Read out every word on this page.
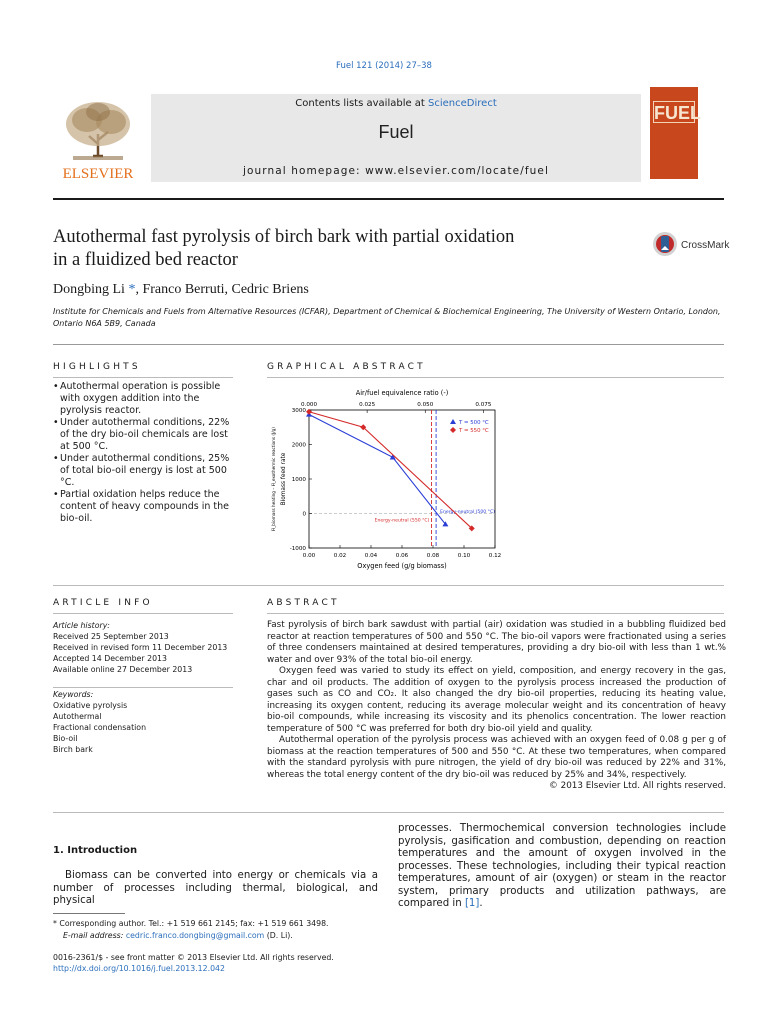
Fuel 121 (2014) 27–38
ELSEVIER
Contents lists available at ScienceDirect
Fuel
journal homepage: www.elsevier.com/locate/fuel
FUEL
Autothermal fast pyrolysis of birch bark with partial oxidation
in a fluidized bed reactor
CrossMark
Dongbing Li *, Franco Berruti, Cedric Briens
Institute for Chemicals and Fuels from Alternative Resources (ICFAR), Department of Chemical & Biochemical Engineering, The University of Western Ontario, London, Ontario N6A 5B9, Canada
HIGHLIGHTS
• Autothermal operation is possible with oxygen addition into the pyrolysis reactor.
• Under autothermal conditions, 22% of the dry bio-oil chemicals are lost at 500 °C.
• Under autothermal conditions, 25% of total bio-oil energy is lost at 500 °C.
• Partial oxidation helps reduce the content of heavy compounds in the bio-oil.
GRAPHICAL ABSTRACT
Energy-neutral (500 °C)
Energy-neutral (550 °C)
0.00	0.02	0.04	0.06	0.08	0.10	0.12
0.000	0.025	0.050	0.075
-1000
0
1000
2000
3000
Oxygen feed (g/g biomass)
Air/fuel equivalence ratio (-)
Biomass feed rate
Ḣ_biomass heating – Ḣ_exothermic reactions (J/g)
T = 500 °C
T = 550 °C
ARTICLE INFO
Article history:
Received 25 September 2013
Received in revised form 11 December 2013
Accepted 14 December 2013
Available online 27 December 2013
Keywords:
Oxidative pyrolysis
Autothermal
Fractional condensation
Bio-oil
Birch bark
ABSTRACT

Fast pyrolysis of birch bark sawdust with partial (air) oxidation was studied in a bubbling fluidized bed reactor at reaction temperatures of 500 and 550 °C. The bio-oil vapors were fractionated using a series of three condensers maintained at desired temperatures, providing a dry bio-oil with less than 1 wt.% water and over 93% of the total bio-oil energy.

Oxygen feed was varied to study its effect on yield, composition, and energy recovery in the gas, char and oil products. The addition of oxygen to the pyrolysis process increased the production of gases such as CO and CO₂. It also changed the dry bio-oil properties, reducing its heating value, increasing its oxygen content, reducing its average molecular weight and its concentration of heavy bio-oil compounds, while increasing its viscosity and its phenolics concentration. The lower reaction temperature of 500 °C was preferred for both dry bio-oil yield and quality.

Autothermal operation of the pyrolysis process was achieved with an oxygen feed of 0.08 g per g of biomass at the reaction temperatures of 500 and 550 °C. At these two temperatures, when compared with the standard pyrolysis with pure nitrogen, the yield of dry bio-oil was reduced by 22% and 31%, whereas the total energy content of the dry bio-oil was reduced by 25% and 34%, respectively.

© 2013 Elsevier Ltd. All rights reserved.
1. Introduction
Biomass can be converted into energy or chemicals via a number of processes including thermal, biological, and physical
processes. Thermochemical conversion technologies include pyrolysis, gasification and combustion, depending on reaction temperatures and the amount of oxygen involved in the processes. These technologies, including their typical reaction temperatures, amount of air (oxygen) or steam in the reactor system, primary products and utilization pathways, are compared in [1].
* Corresponding author. Tel.: +1 519 661 2145; fax: +1 519 661 3498.
E-mail address: cedric.franco.dongbing@gmail.com (D. Li).
0016-2361/$ - see front matter © 2013 Elsevier Ltd. All rights reserved.
http://dx.doi.org/10.1016/j.fuel.2013.12.042
